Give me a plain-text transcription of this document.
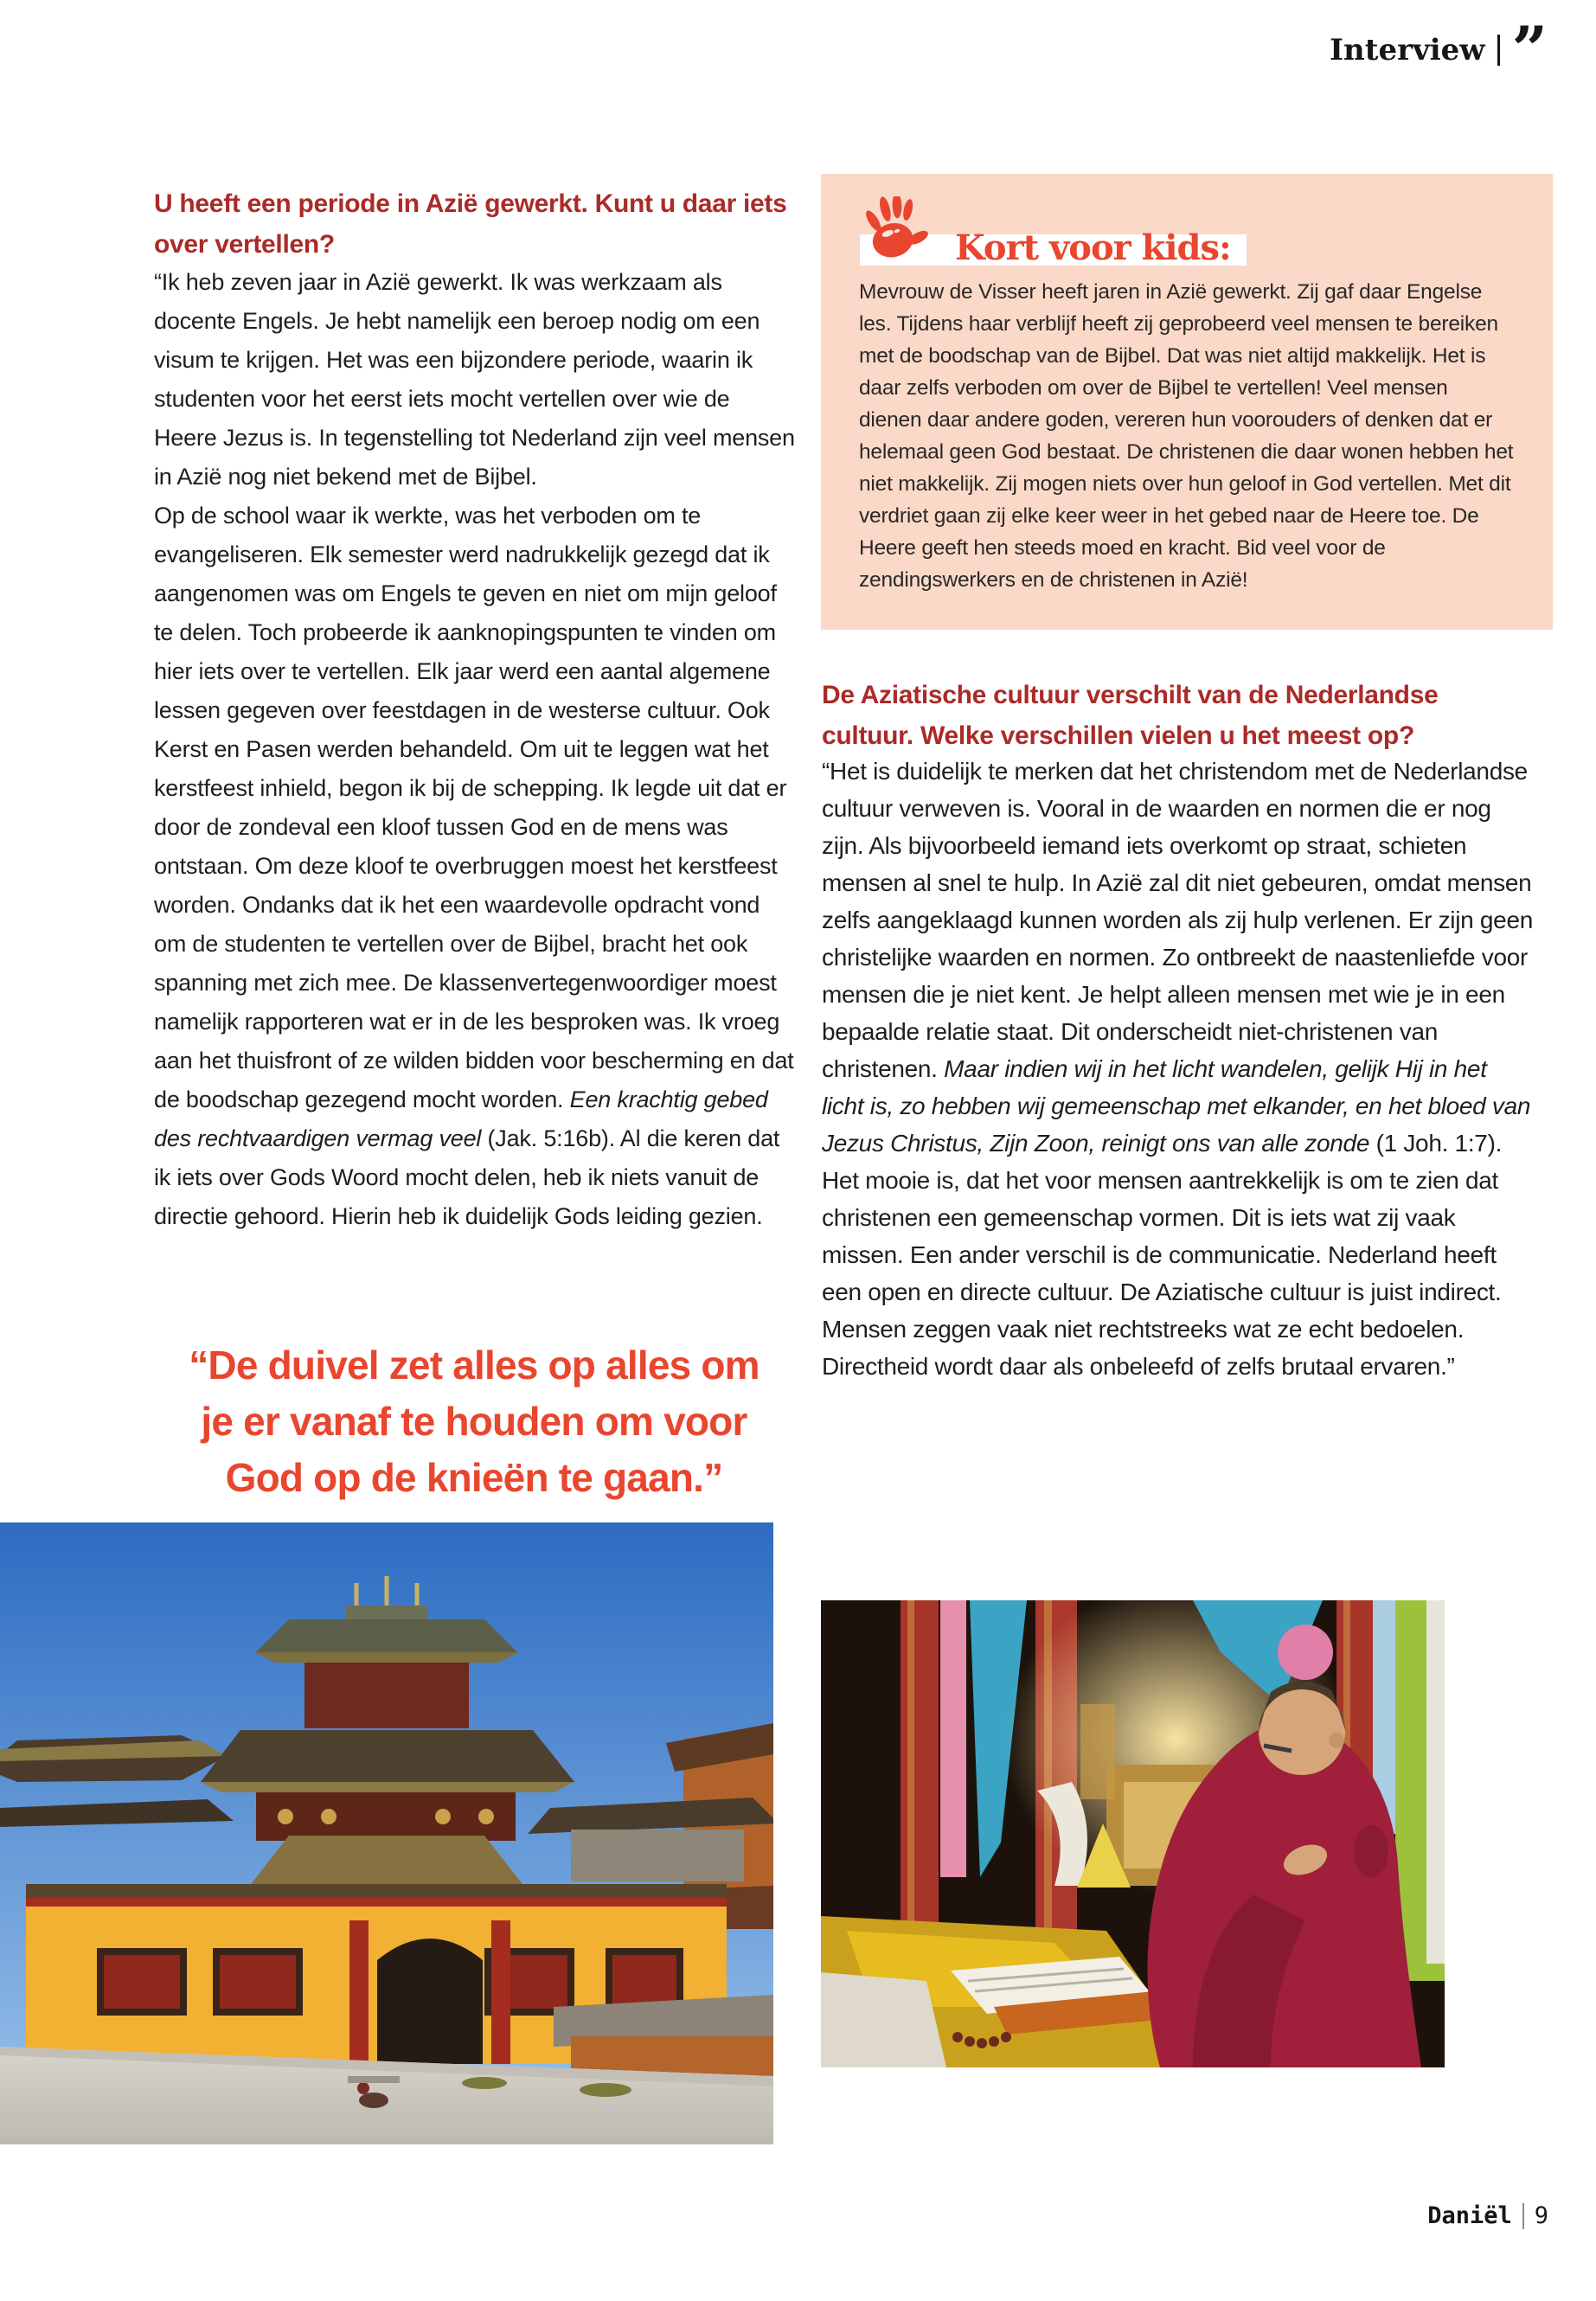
Interview ”
U heeft een periode in Azië gewerkt. Kunt u daar iets over vertellen?

“Ik heb zeven jaar in Azië gewerkt. Ik was werkzaam als docente Engels. Je hebt namelijk een beroep nodig om een visum te krijgen. Het was een bijzondere periode, waarin ik studenten voor het eerst iets mocht vertellen over wie de Heere Jezus is. In tegenstelling tot Nederland zijn veel mensen in Azië nog niet bekend met de Bijbel.

Op de school waar ik werkte, was het verboden om te evangeliseren. Elk semester werd nadrukkelijk gezegd dat ik aangenomen was om Engels te geven en niet om mijn geloof te delen. Toch probeerde ik aanknopingspunten te vinden om hier iets over te vertellen. Elk jaar werd een aantal algemene lessen gegeven over feestdagen in de westerse cultuur. Ook Kerst en Pasen werden behandeld. Om uit te leggen wat het kerstfeest inhield, begon ik bij de schepping. Ik legde uit dat er door de zondeval een kloof tussen God en de mens was ontstaan. Om deze kloof te overbruggen moest het kerstfeest worden. Ondanks dat ik het een waardevolle opdracht vond om de studenten te vertellen over de Bijbel, bracht het ook spanning met zich mee. De klassenvertegenwoordiger moest namelijk rapporteren wat er in de les besproken was. Ik vroeg aan het thuisfront of ze wilden bidden voor bescherming en dat de boodschap gezegend mocht worden. Een krachtig gebed des rechtvaardigen vermag veel (Jak. 5:16b). Al die keren dat ik iets over Gods Woord mocht delen, heb ik niets vanuit de directie gehoord. Hierin heb ik duidelijk Gods leiding gezien.

“De duivel zet alles op alles om
je er vanaf te houden om voor
God op de knieën te gaan.”
Kort voor kids:
Mevrouw de Visser heeft jaren in Azië gewerkt. Zij gaf daar Engelse les. Tijdens haar verblijf heeft zij geprobeerd veel mensen te bereiken met de boodschap van de Bijbel. Dat was niet altijd makkelijk. Het is daar zelfs verboden om over de Bijbel te vertellen! Veel mensen dienen daar andere goden, vereren hun voorouders of denken dat er helemaal geen God bestaat. De christenen die daar wonen hebben het niet makkelijk. Zij mogen niets over hun geloof in God vertellen. Met dit verdriet gaan zij elke keer weer in het gebed naar de Heere toe. De Heere geeft hen steeds moed en kracht. Bid veel voor de zendingswerkers en de christenen in Azië!
De Aziatische cultuur verschilt van de Nederlandse cultuur. Welke verschillen vielen u het meest op?

“Het is duidelijk te merken dat het christendom met de Nederlandse cultuur verweven is. Vooral in de waarden en normen die er nog zijn. Als bijvoorbeeld iemand iets overkomt op straat, schieten mensen al snel te hulp. In Azië zal dit niet gebeuren, omdat mensen zelfs aangeklaagd kunnen worden als zij hulp verlenen. Er zijn geen christelijke waarden en normen. Zo ontbreekt de naastenliefde voor mensen die je niet kent. Je helpt alleen mensen met wie je in een bepaalde relatie staat. Dit onderscheidt niet-christenen van christenen. Maar indien wij in het licht wandelen, gelijk Hij in het licht is, zo hebben wij gemeenschap met elkander, en het bloed van Jezus Christus, Zijn Zoon, reinigt ons van alle zonde (1 Joh. 1:7). Het mooie is, dat het voor mensen aantrekkelijk is om te zien dat christenen een gemeenschap vormen. Dit is iets wat zij vaak missen. Een ander verschil is de communicatie. Nederland heeft een open en directe cultuur. De Aziatische cultuur is juist indirect. Mensen zeggen vaak niet rechtstreeks wat ze echt bedoelen. Directheid wordt daar als onbeleefd of zelfs brutaal ervaren.”

Daniël 9
